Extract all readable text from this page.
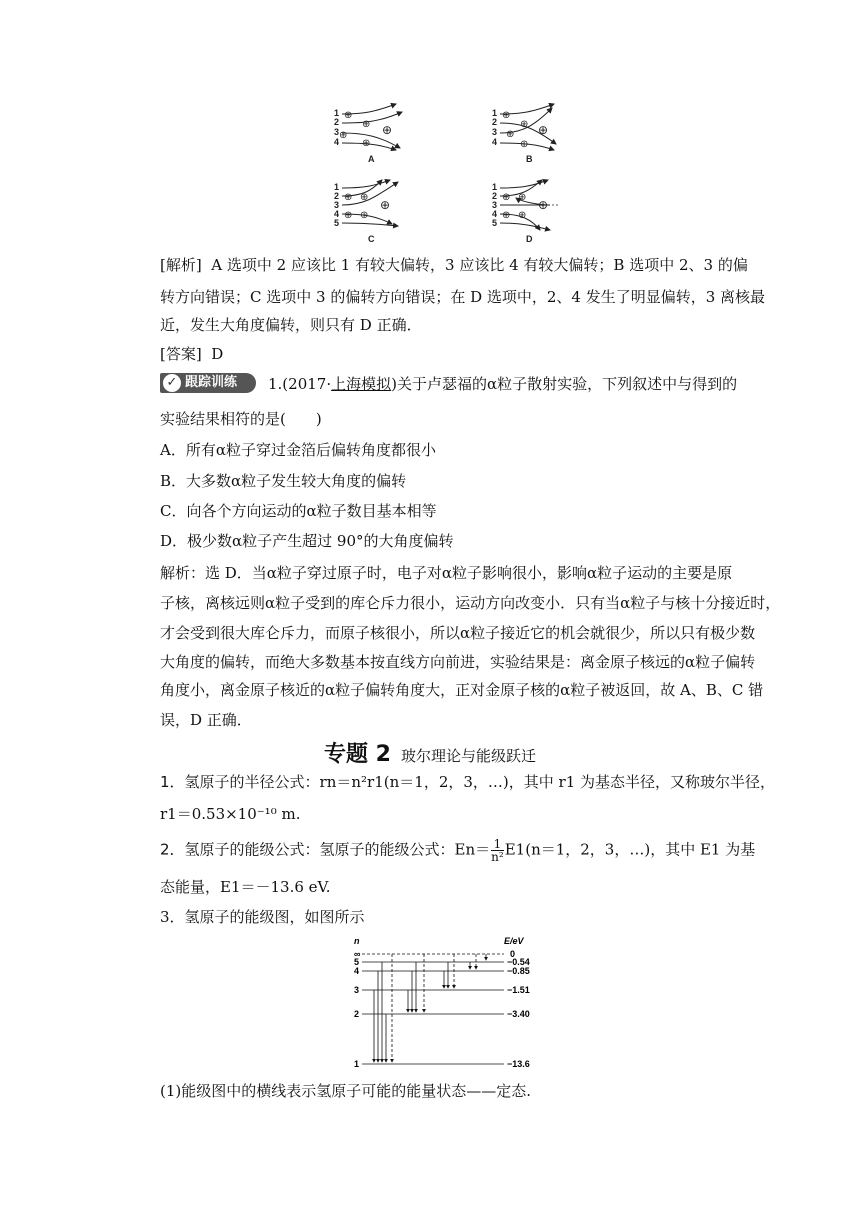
1
2
3
4
⊕
⊕
⊕
⊕
⊕
A
1
2
3
4
⊕
⊕
⊕
⊕
⊕
B
1
2
3
4
5
⊕ ⊕
⊕ ⊕
⊕
C
1
2
3
4
5
⊕ ⊕
⊕ ⊕
⊕
D
[解析] A 选项中 2 应该比 1 有较大偏转，3 应该比 4 有较大偏转；B 选项中 2、3 的偏
转方向错误；C 选项中 3 的偏转方向错误；在 D 选项中，2、4 发生了明显偏转，3 离核最
近，发生大角度偏转，则只有 D 正确．
[答案] D
✓ 跟踪训练	1.(2017·上海模拟)关于卢瑟福的α粒子散射实验，下列叙述中与得到的
实验结果相符的是(　　)
A．所有α粒子穿过金箔后偏转角度都很小
B．大多数α粒子发生较大角度的偏转
C．向各个方向运动的α粒子数目基本相等
D．极少数α粒子产生超过 90°的大角度偏转
解析：选 D．当α粒子穿过原子时，电子对α粒子影响很小，影响α粒子运动的主要是原
子核，离核远则α粒子受到的库仑斥力很小，运动方向改变小．只有当α粒子与核十分接近时，
才会受到很大库仑斥力，而原子核很小，所以α粒子接近它的机会就很少，所以只有极少数
大角度的偏转，而绝大多数基本按直线方向前进，实验结果是：离金原子核远的α粒子偏转
角度小，离金原子核近的α粒子偏转角度大，正对金原子核的α粒子被返回，故 A、B、C 错
误，D 正确．
专题 2 玻尔理论与能级跃迁
1．氢原子的半径公式：rn＝n²r1(n＝1，2，3，…)，其中 r1 为基态半径，又称玻尔半径，
r1＝0.53×10⁻¹⁰ m.
2．氢原子的能级公式：氢原子的能级公式：$En= \frac{1}{\text{n²}} E1(n=1$，2，3，…)，其中 E1 为基
态能量，E1＝－13.6 eV.
3．氢原子的能级图，如图所示
n	E/eV
∞
5
4
3
2
1
0
−0.54
−0.85
−1.51
−3.40
−13.6
(1)能级图中的横线表示氢原子可能的能量状态——定态.
